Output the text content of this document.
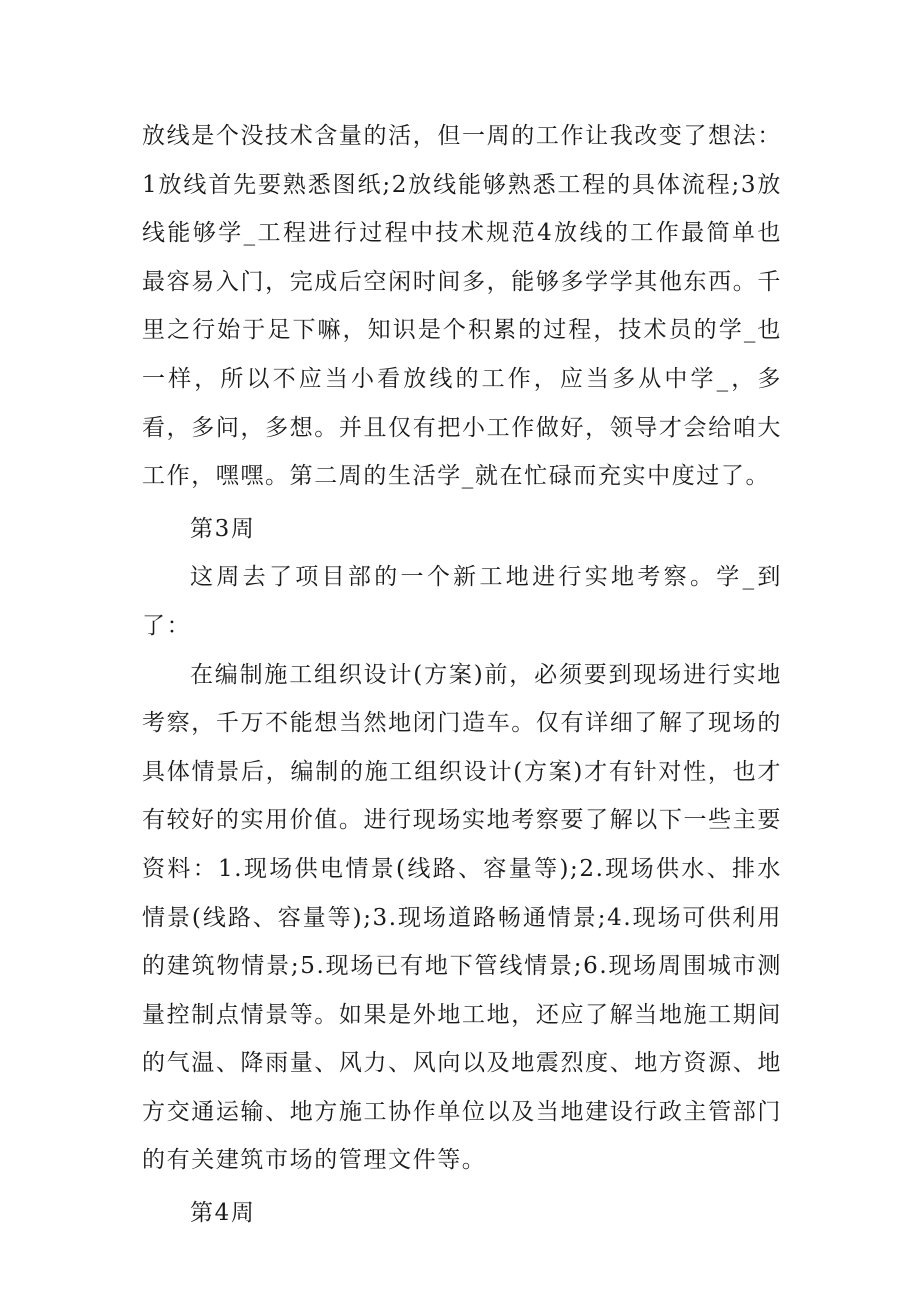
放线是个没技术含量的活，但一周的工作让我改变了想法：1放线首先要熟悉图纸;2放线能够熟悉工程的具体流程;3放线能够学_工程进行过程中技术规范4放线的工作最简单也最容易入门，完成后空闲时间多，能够多学学其他东西。千里之行始于足下嘛，知识是个积累的过程，技术员的学_也一样，所以不应当小看放线的工作，应当多从中学_，多看，多问，多想。并且仅有把小工作做好，领导才会给咱大工作，嘿嘿。第二周的生活学_就在忙碌而充实中度过了。

第3周

这周去了项目部的一个新工地进行实地考察。学_到了：

在编制施工组织设计(方案)前，必须要到现场进行实地考察，千万不能想当然地闭门造车。仅有详细了解了现场的具体情景后，编制的施工组织设计(方案)才有针对性，也才有较好的实用价值。进行现场实地考察要了解以下一些主要资料：1.现场供电情景(线路、容量等);2.现场供水、排水情景(线路、容量等);3.现场道路畅通情景;4.现场可供利用的建筑物情景;5.现场已有地下管线情景;6.现场周围城市测量控制点情景等。如果是外地工地，还应了解当地施工期间的气温、降雨量、风力、风向以及地震烈度、地方资源、地方交通运输、地方施工协作单位以及当地建设行政主管部门的有关建筑市场的管理文件等。

第4周
